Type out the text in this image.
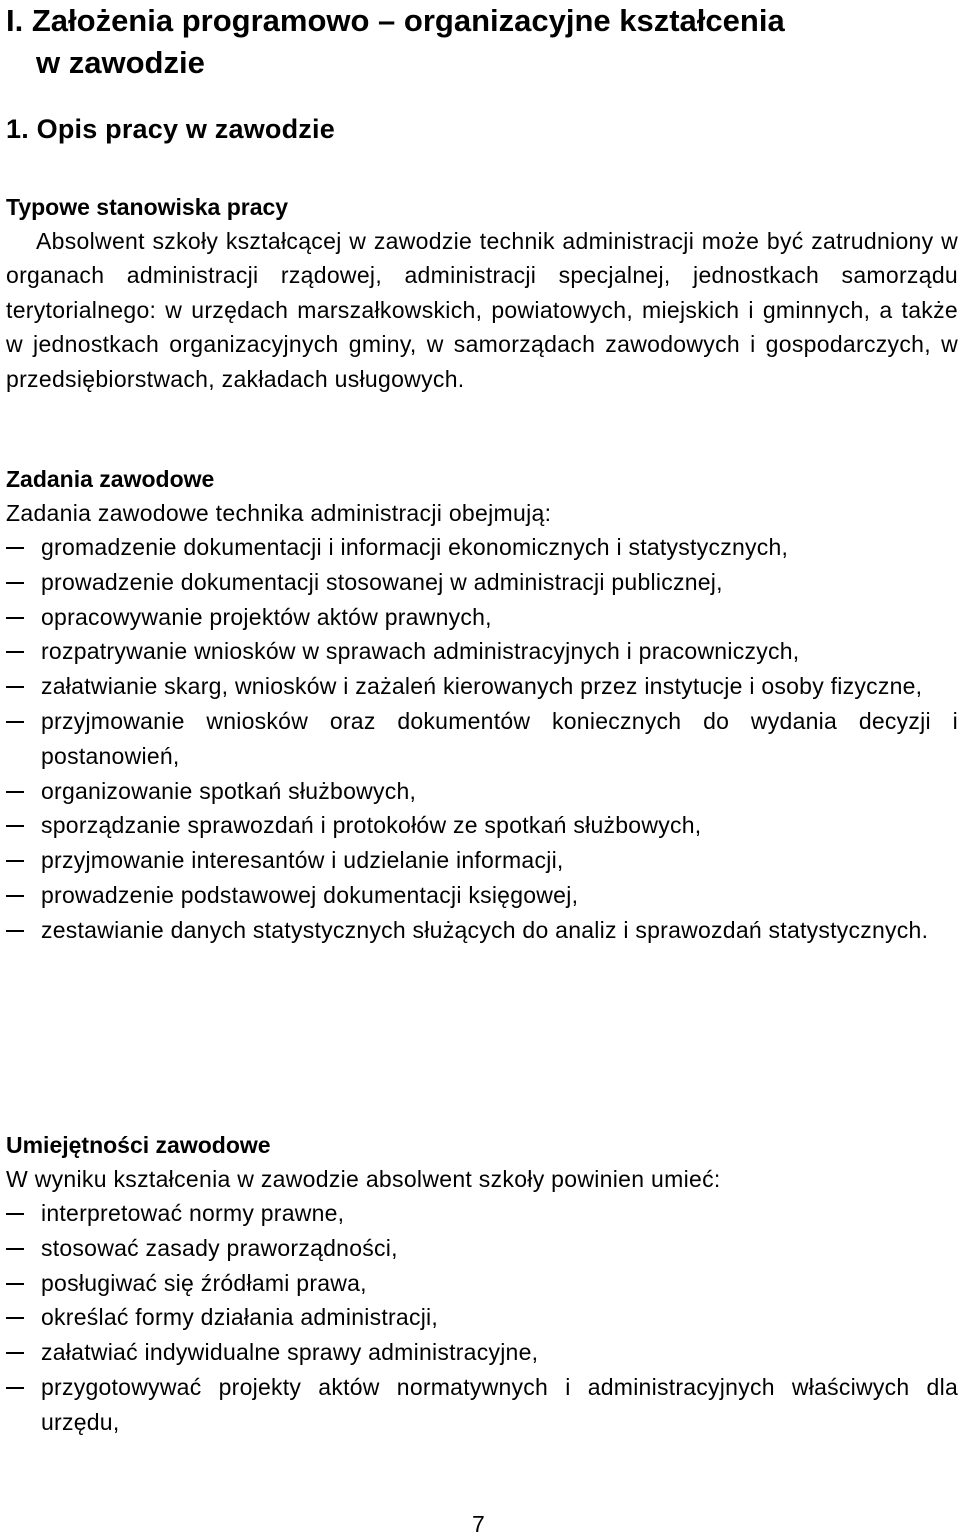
I. Założenia programowo – organizacyjne kształcenia
w zawodzie
1. Opis pracy w zawodzie
Typowe stanowiska pracy

Absolwent szkoły kształcącej w zawodzie technik administracji może być zatrudniony w organach administracji rządowej, administracji specjalnej, jednostkach samorządu terytorialnego: w urzędach marszałkowskich, powiatowych, miejskich i gminnych, a także w jednostkach organizacyjnych gminy, w samorządach zawodowych i gospodarczych, w przedsiębiorstwach, zakładach usługowych.

Zadania zawodowe

Zadania zawodowe technika administracji obejmują:

gromadzenie dokumentacji i informacji ekonomicznych i statystycznych,
prowadzenie dokumentacji stosowanej w administracji publicznej,
opracowywanie projektów aktów prawnych,
rozpatrywanie wniosków w sprawach administracyjnych i pracowniczych,
załatwianie skarg, wniosków i zażaleń kierowanych przez instytucje i osoby fizyczne,
przyjmowanie wniosków oraz dokumentów koniecznych do wydania decyzji i postanowień,
organizowanie spotkań służbowych,
sporządzanie sprawozdań i protokołów ze spotkań służbowych,
przyjmowanie interesantów i udzielanie informacji,
prowadzenie podstawowej dokumentacji księgowej,
zestawianie danych statystycznych służących do analiz i sprawozdań statystycznych.
Umiejętności zawodowe

W wyniku kształcenia w zawodzie absolwent szkoły powinien umieć:

interpretować normy prawne,
stosować zasady praworządności,
posługiwać się źródłami prawa,
określać formy działania administracji,
załatwiać indywidualne sprawy administracyjne,
przygotowywać projekty aktów normatywnych i administracyjnych właściwych dla urzędu,
7
